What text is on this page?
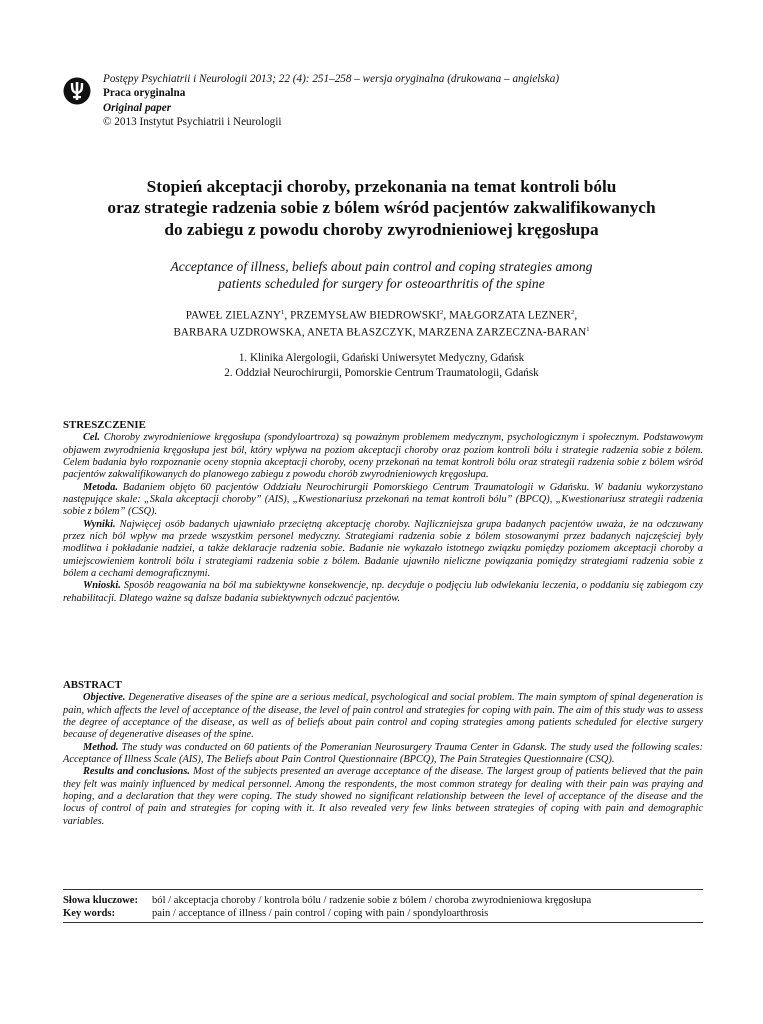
Postępy Psychiatrii i Neurologii 2013; 22 (4): 251–258 – wersja oryginalna (drukowana – angielska)
Praca oryginalna
Original paper
© 2013 Instytut Psychiatrii i Neurologii
Stopień akceptacji choroby, przekonania na temat kontroli bólu
oraz strategie radzenia sobie z bólem wśród pacjentów zakwalifikowanych
do zabiegu z powodu choroby zwyrodnieniowej kręgosłupa
Acceptance of illness, beliefs about pain control and coping strategies among
patients scheduled for surgery for osteoarthritis of the spine
PAWEŁ ZIELAZNY$^1$, PRZEMYSŁAW BIEDROWSKI$^2$, MAŁGORZATA LEZNER$^2$,
BARBARA UZDROWSKA, ANETA BŁASZCZYK, MARZENA ZARZECZNA-BARAN$^1$
1. Klinika Alergologii, Gdański Uniwersytet Medyczny, Gdańsk
2. Oddział Neurochirurgii, Pomorskie Centrum Traumatologii, Gdańsk
STRESZCZENIE

Cel. Choroby zwyrodnieniowe kręgosłupa (spondyloartroza) są poważnym problemem medycznym, psychologicznym i społecznym. Podstawowym objawem zwyrodnienia kręgosłupa jest ból, który wpływa na poziom akceptacji choroby oraz poziom kontroli bólu i strategie radzenia sobie z bólem. Celem badania było rozpoznanie oceny stopnia akceptacji choroby, oceny przekonań na temat kontroli bólu oraz strategii radzenia sobie z bólem wśród pacjentów zakwalifikowanych do planowego zabiegu z powodu chorób zwyrodnieniowych kręgosłupa.

Metoda. Badaniem objęto 60 pacjentów Oddziału Neurochirurgii Pomorskiego Centrum Traumatologii w Gdańsku. W badaniu wykorzystano następujące skale: „Skala akceptacji choroby” (AIS), „Kwestionariusz przekonań na temat kontroli bólu” (BPCQ), „Kwestionariusz strategii radzenia sobie z bólem” (CSQ).

Wyniki. Najwięcej osób badanych ujawniało przeciętną akceptację choroby. Najliczniejsza grupa badanych pacjentów uważa, że na odczuwany przez nich ból wpływ ma przede wszystkim personel medyczny. Strategiami radzenia sobie z bólem stosowanymi przez badanych najczęściej były modlitwa i pokładanie nadziei, a także deklaracje radzenia sobie. Badanie nie wykazało istotnego związku pomiędzy poziomem akceptacji choroby a umiejscowieniem kontroli bólu i strategiami radzenia sobie z bólem. Badanie ujawniło nieliczne powiązania pomiędzy strategiami radzenia sobie z bólem a cechami demograficznymi.

Wnioski. Sposób reagowania na ból ma subiektywne konsekwencje, np. decyduje o podjęciu lub odwlekaniu leczenia, o poddaniu się zabiegom czy rehabilitacji. Dlatego ważne są dalsze badania subiektywnych odczuć pacjentów.

ABSTRACT

Objective. Degenerative diseases of the spine are a serious medical, psychological and social problem. The main symptom of spinal degeneration is pain, which affects the level of acceptance of the disease, the level of pain control and strategies for coping with pain. The aim of this study was to assess the degree of acceptance of the disease, as well as of beliefs about pain control and coping strategies among patients scheduled for elective surgery because of degenerative diseases of the spine.

Method. The study was conducted on 60 patients of the Pomeranian Neurosurgery Trauma Center in Gdansk. The study used the following scales: Acceptance of Illness Scale (AIS), The Beliefs about Pain Control Questionnaire (BPCQ), The Pain Strategies Questionnaire (CSQ).

Results and conclusions. Most of the subjects presented an average acceptance of the disease. The largest group of patients believed that the pain they felt was mainly influenced by medical personnel. Among the respondents, the most common strategy for dealing with their pain was praying and hoping, and a declaration that they were coping. The study showed no significant relationship between the level of acceptance of the disease and the locus of control of pain and strategies for coping with it. It also revealed very few links between strategies of coping with pain and demographic variables.

Słowa kluczowe:	ból / akceptacja choroby / kontrola bólu / radzenie sobie z bólem / choroba zwyrodnieniowa kręgosłupa
Key words:	pain / acceptance of illness / pain control / coping with pain / spondyloarthrosis
